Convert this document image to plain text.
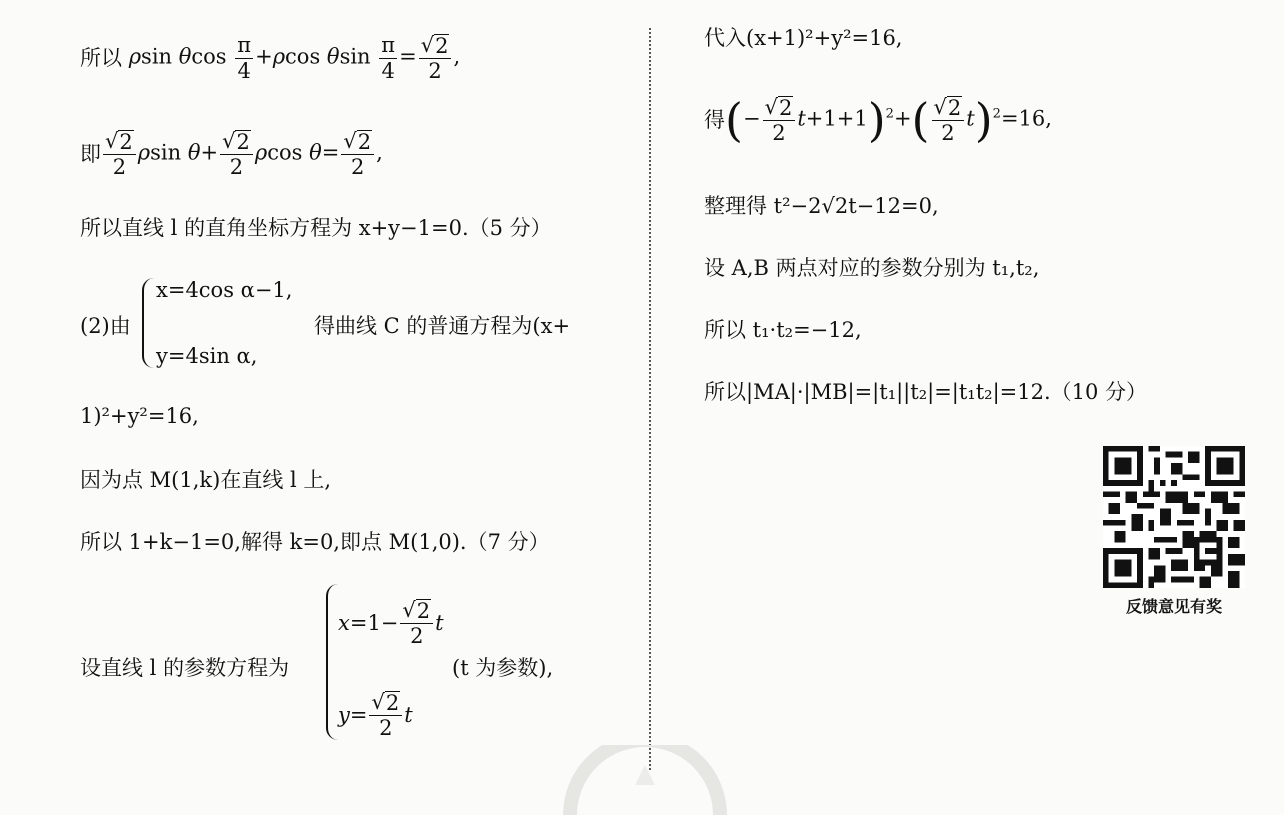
所以 ρsin θcos $\frac{\pi}{4} +\rho\cos$ θsin $\frac{\pi}{4} = \frac{√ 2}{2}$ ,
即 $\frac{√ 2}{2}$ ρsin $\theta+ \frac{√ 2}{2}$ ρcos $\theta= \frac{√ 2}{2}$ ,
所以直线 l 的直角坐标方程为 x+y−1=0.（5 分）
(2)由
x=4cos α−1,
y=4sin α,
得曲线 C 的普通方程为(x+
1)²+y²=16,
因为点 M(1,k)在直线 l 上,
所以 1+k−1=0,解得 k=0,即点 M(1,0).（7 分）
设直线 l 的参数方程为
$x =1- \frac{√ 2}{2}$ t
$y = \frac{√ 2}{2}$ t
(t 为参数),
代入(x+1)²+y²=16,
得 (− $\frac{√ 2}{2} t+1+1)^2+( \frac{√ 2}{2} t)^2=16$,
整理得 t²−2√2t−12=0,
设 A,B 两点对应的参数分别为 t₁,t₂,
所以 t₁·t₂=−12,
所以|MA|·|MB|=|t₁||t₂|=|t₁t₂|=12.（10 分）
反馈意见有奖
